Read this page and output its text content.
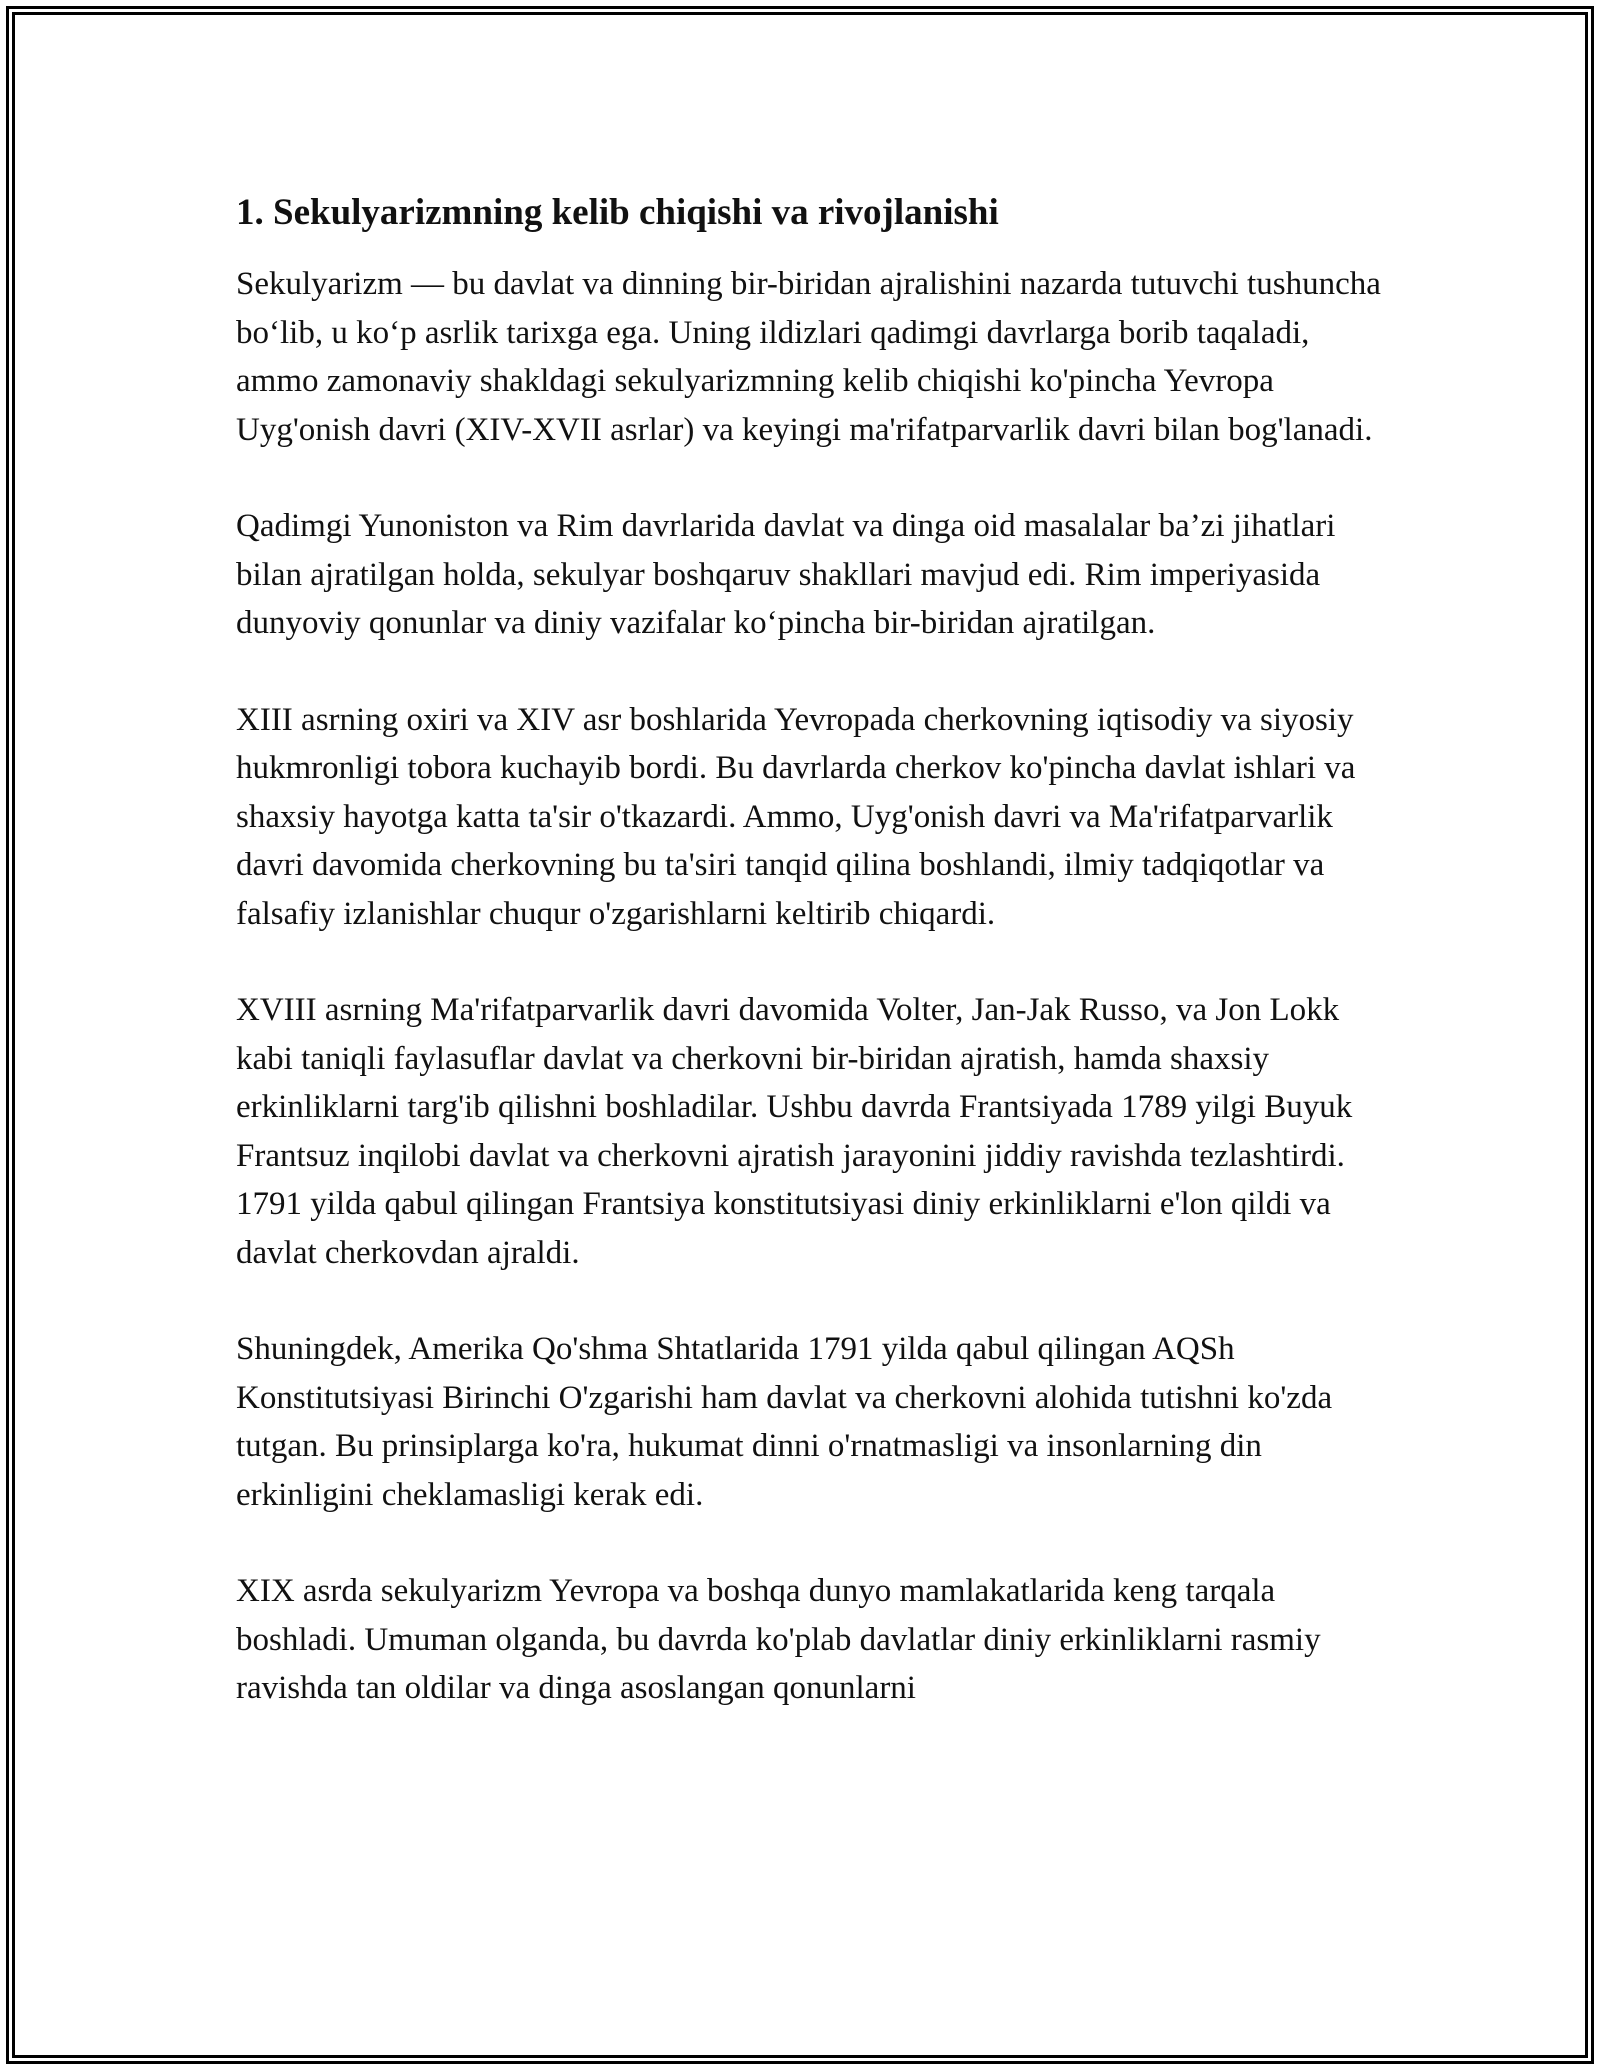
1. Sekulyarizmning kelib chiqishi va rivojlanishi

Sekulyarizm — bu davlat va dinning bir-biridan ajralishini nazarda tutuvchi tushuncha bo‘lib, u ko‘p asrlik tarixga ega. Uning ildizlari qadimgi davrlarga borib taqaladi, ammo zamonaviy shakldagi sekulyarizmning kelib chiqishi ko'pincha Yevropa Uyg'onish davri (XIV-XVII asrlar) va keyingi ma'rifatparvarlik davri bilan bog'lanadi.

Qadimgi Yunoniston va Rim davrlarida davlat va dinga oid masalalar ba’zi jihatlari bilan ajratilgan holda, sekulyar boshqaruv shakllari mavjud edi. Rim imperiyasida dunyoviy qonunlar va diniy vazifalar ko‘pincha bir-biridan ajratilgan.

XIII asrning oxiri va XIV asr boshlarida Yevropada cherkovning iqtisodiy va siyosiy hukmronligi tobora kuchayib bordi. Bu davrlarda cherkov ko'pincha davlat ishlari va shaxsiy hayotga katta ta'sir o'tkazardi. Ammo, Uyg'onish davri va Ma'rifatparvarlik davri davomida cherkovning bu ta'siri tanqid qilina boshlandi, ilmiy tadqiqotlar va falsafiy izlanishlar chuqur o'zgarishlarni keltirib chiqardi.

XVIII asrning Ma'rifatparvarlik davri davomida Volter, Jan-Jak Russo, va Jon Lokk kabi taniqli faylasuflar davlat va cherkovni bir-biridan ajratish, hamda shaxsiy erkinliklarni targ'ib qilishni boshladilar. Ushbu davrda Frantsiyada 1789 yilgi Buyuk Frantsuz inqilobi davlat va cherkovni ajratish jarayonini jiddiy ravishda tezlashtirdi. 1791 yilda qabul qilingan Frantsiya konstitutsiyasi diniy erkinliklarni e'lon qildi va davlat cherkovdan ajraldi.

Shuningdek, Amerika Qo'shma Shtatlarida 1791 yilda qabul qilingan AQSh Konstitutsiyasi Birinchi O'zgarishi ham davlat va cherkovni alohida tutishni ko'zda tutgan. Bu prinsiplarga ko'ra, hukumat dinni o'rnatmasligi va insonlarning din erkinligini cheklamasligi kerak edi.

XIX asrda sekulyarizm Yevropa va boshqa dunyo mamlakatlarida keng tarqala boshladi. Umuman olganda, bu davrda ko'plab davlatlar diniy erkinliklarni rasmiy ravishda tan oldilar va dinga asoslangan qonunlarni
